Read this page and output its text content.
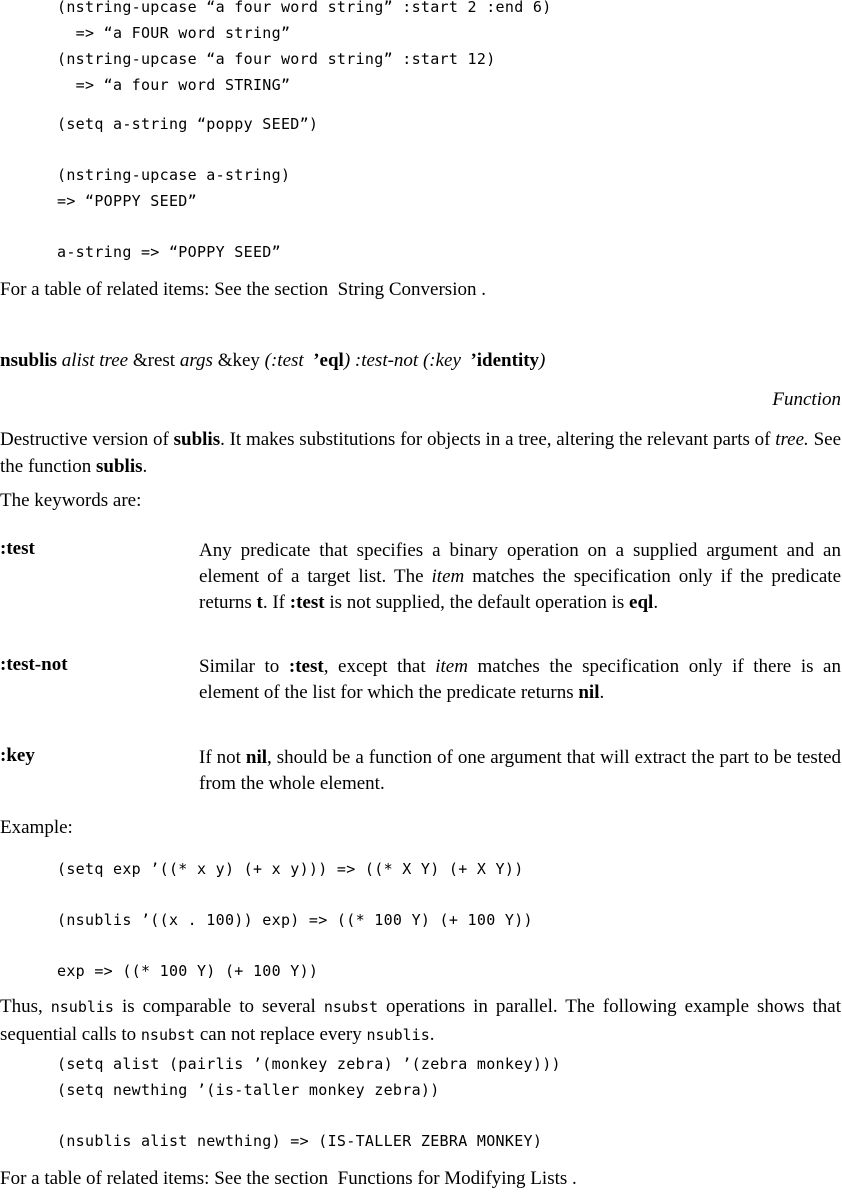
(nstring-upcase “a four word string” :start 2 :end 6)
=> “a FOUR word string”
(nstring-upcase “a four word string” :start 12)
=> “a four word STRING”
(setq a-string “poppy SEED”)
(nstring-upcase a-string)
=> “POPPY SEED”
a-string => “POPPY SEED”
For a table of related items: See the section  String Conversion .
nsublis alist tree &rest args &key (:test  ’eql) :test-not (:key  ’identity)
Function
Destructive version of sublis. It makes substitutions for objects in a tree, altering the relevant parts of tree. See the function sublis.
The keywords are:
:test	Any predicate that specifies a binary operation on a supplied argument and an element of a target list. The item matches the specification only if the predicate returns t. If :test is not supplied, the default operation is eql.
:test-not	Similar to :test, except that item matches the specification only if there is an element of the list for which the predicate returns nil.
:key	If not nil, should be a function of one argument that will extract the part to be tested from the whole element.
Example:
(setq exp ’((* x y) (+ x y))) => ((* X Y) (+ X Y))
(nsublis ’((x . 100)) exp) => ((* 100 Y) (+ 100 Y))
exp => ((* 100 Y) (+ 100 Y))
Thus, nsublis is comparable to several nsubst operations in parallel. The following example shows that sequential calls to nsubst can not replace every nsublis.
(setq alist (pairlis ’(monkey zebra) ’(zebra monkey)))
(setq newthing ’(is-taller monkey zebra))
(nsublis alist newthing) => (IS-TALLER ZEBRA MONKEY)
For a table of related items: See the section  Functions for Modifying Lists .
